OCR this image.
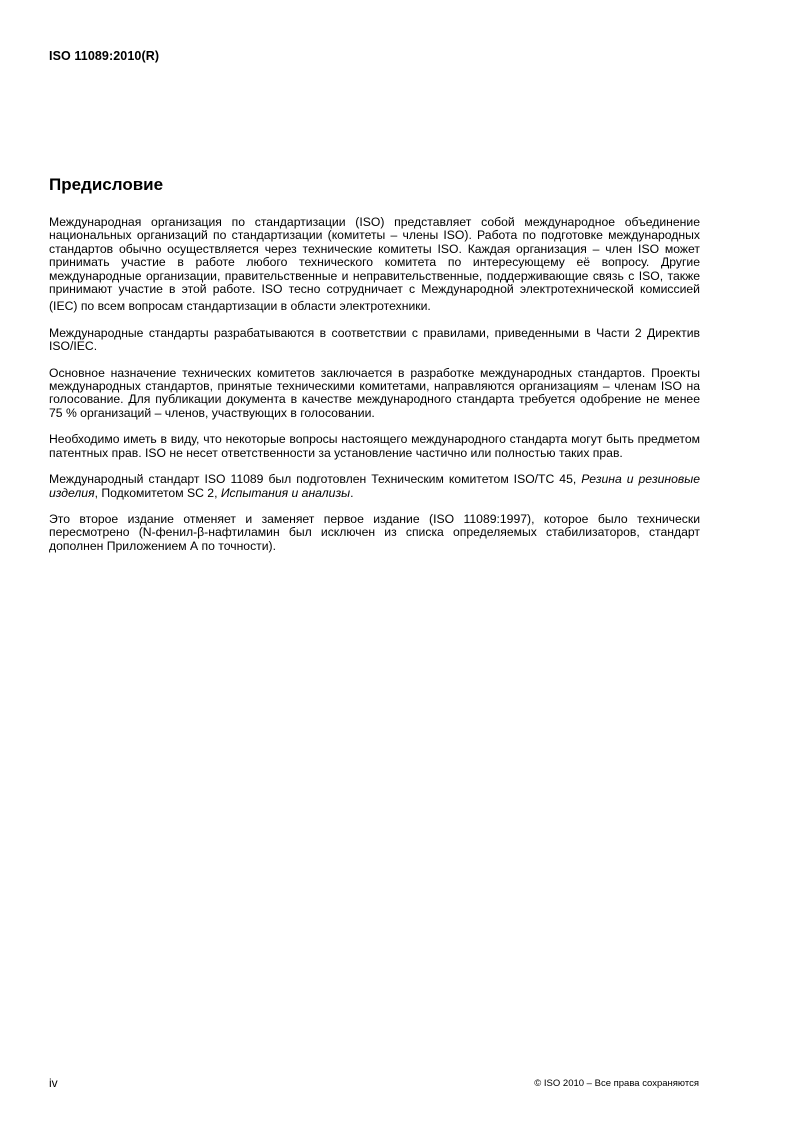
ISO 11089:2010(R)
Предисловие

Международная организация по стандартизации (ISO) представляет собой международное объединение национальных организаций по стандартизации (комитеты – члены ISO). Работа по подготовке международных стандартов обычно осуществляется через технические комитеты ISO. Каждая организация – член ISO может принимать участие в работе любого технического комитета по интересующему её вопросу. Другие международные организации, правительственные и неправительственные, поддерживающие связь с ISO, также принимают участие в этой работе. ISO тесно сотрудничает с Международной электротехнической комиссией (IEC) по всем вопросам стандартизации в области электротехники.

Международные стандарты разрабатываются в соответствии с правилами, приведенными в Части 2 Директив ISO/IEC.

Основное назначение технических комитетов заключается в разработке международных стандартов. Проекты международных стандартов, принятые техническими комитетами, направляются организациям – членам ISO на голосование. Для публикации документа в качестве международного стандарта требуется одобрение не менее 75 % организаций – членов, участвующих в голосовании.

Необходимо иметь в виду, что некоторые вопросы настоящего международного стандарта могут быть предметом патентных прав. ISO не несет ответственности за установление частично или полностью таких прав.

Международный стандарт ISO 11089 был подготовлен Техническим комитетом ISO/TC 45, Резина и резиновые изделия, Подкомитетом SC 2, Испытания и анализы.

Это второе издание отменяет и заменяет первое издание (ISO 11089:1997), которое было технически пересмотрено (N-фенил-β-нафтиламин был исключен из списка определяемых стабилизаторов, стандарт дополнен Приложением А по точности).

iv	© ISO 2010 – Все права сохраняются
